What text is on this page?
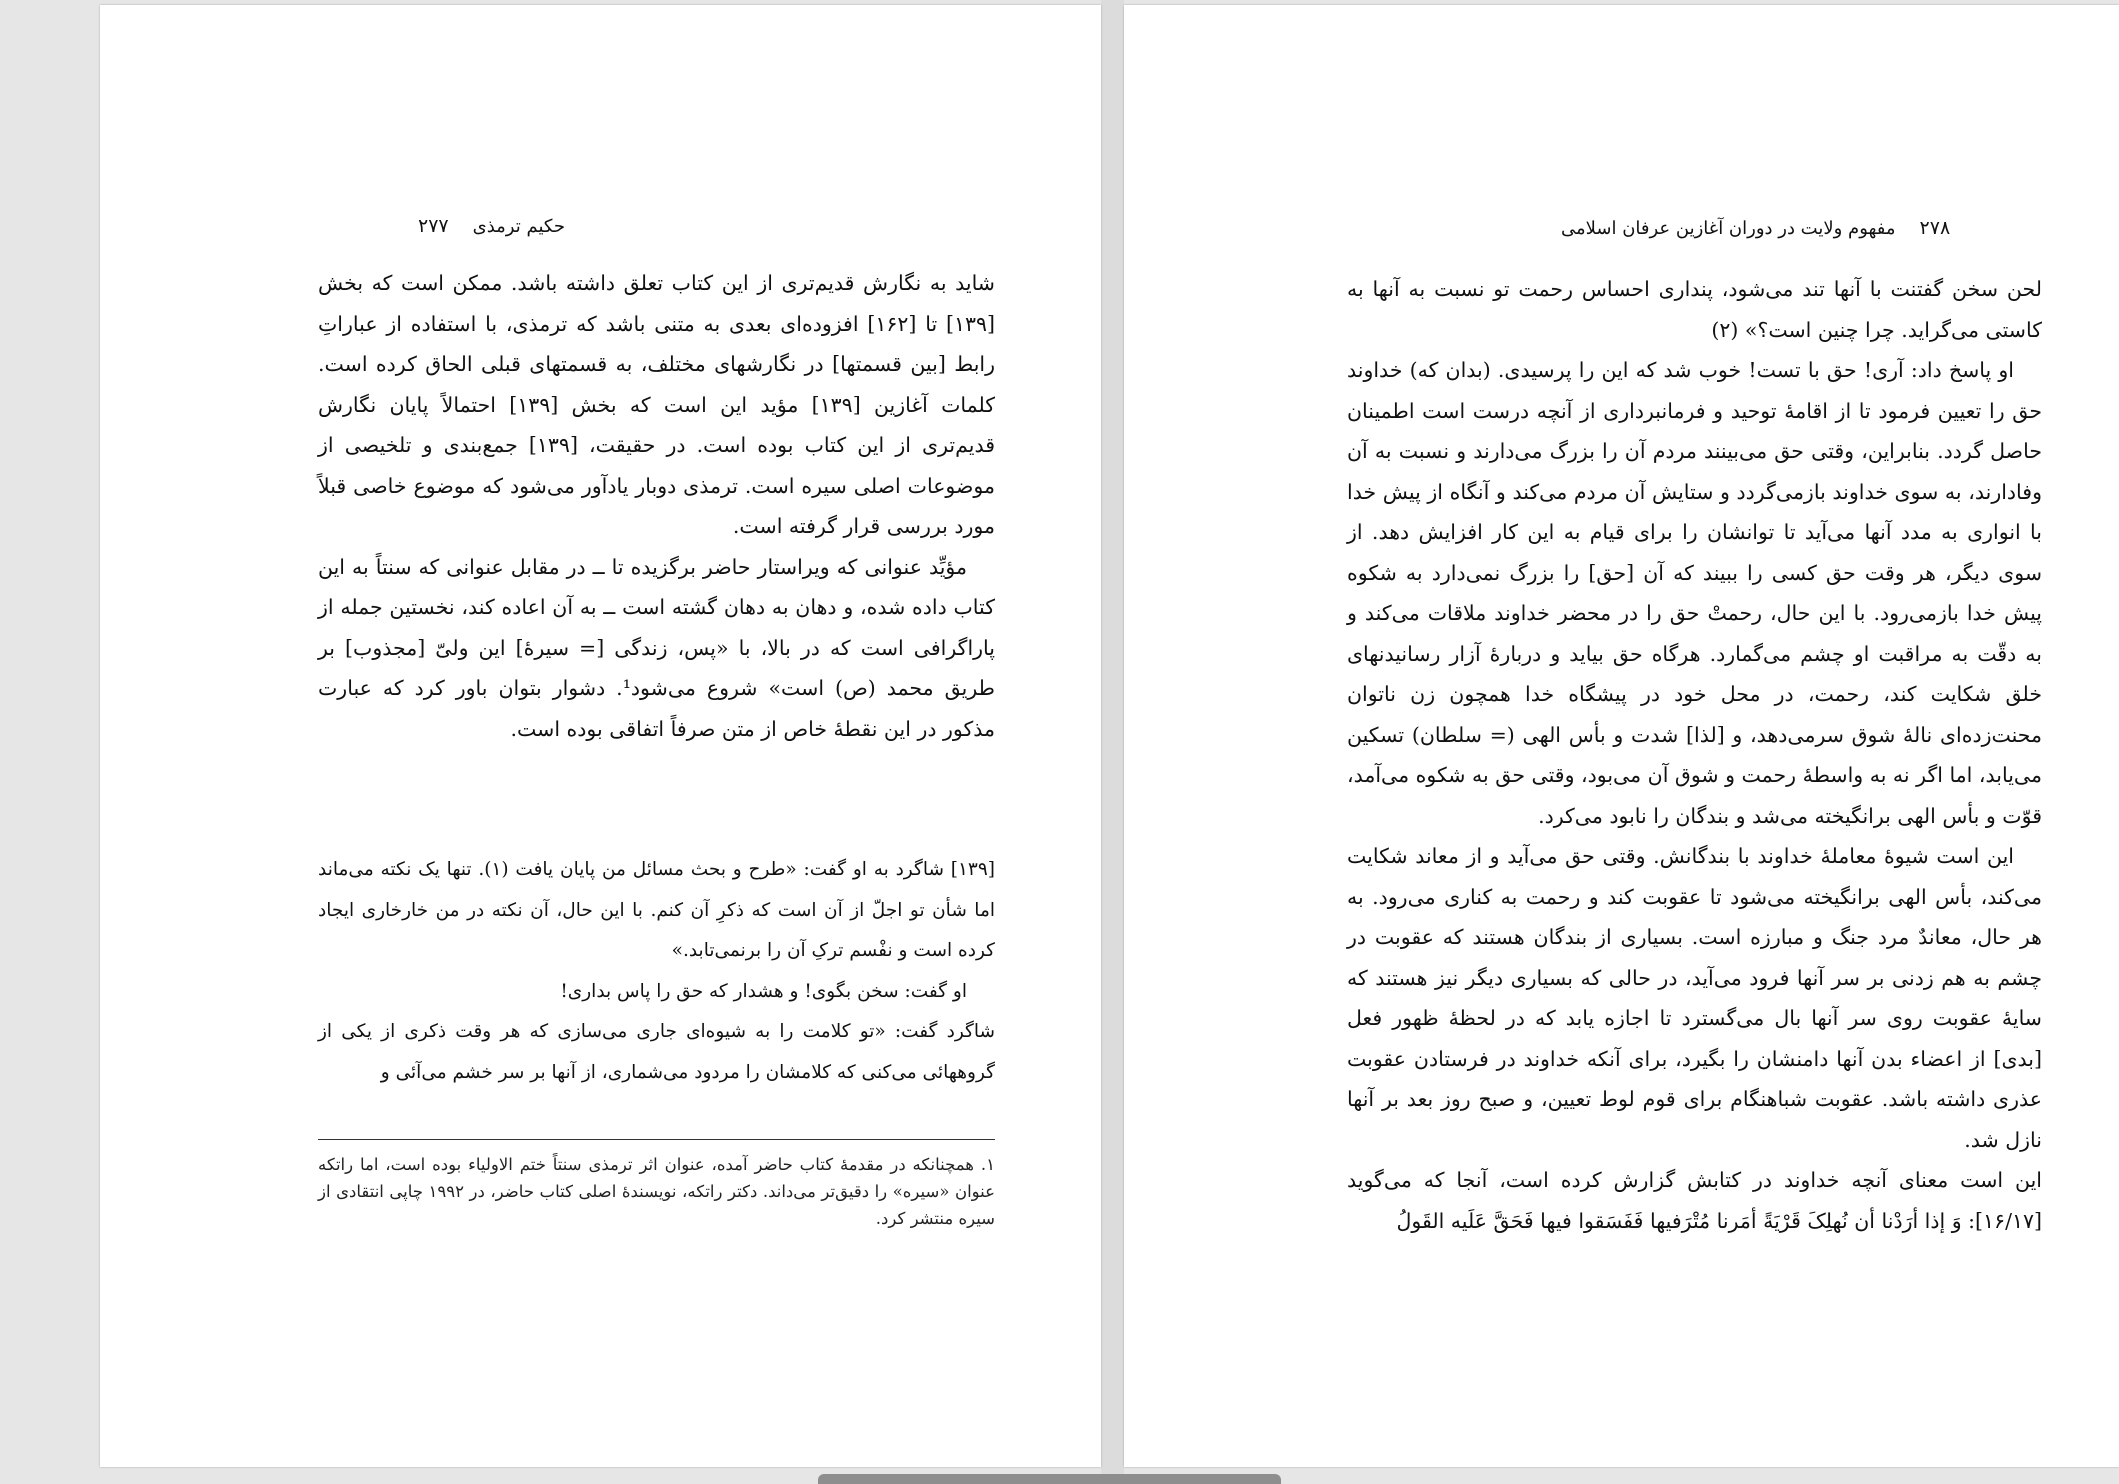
حکیم ترمذی
۲۷۷

شاید به نگارش قدیم‌تری از این کتاب تعلق داشته باشد. ممکن است که بخش [۱۳۹] تا [۱۶۲] افزوده‌ای بعدی به متنی باشد که ترمذی، با استفاده از عباراتِ رابط [بین قسمتها] در نگارشهای مختلف، به قسمتهای قبلی الحاق کرده است. کلمات آغازین [۱۳۹] مؤید این است که بخش [۱۳۹] احتمالاً پایان نگارش قدیم‌تری از این کتاب بوده است. در حقیقت، [۱۳۹] جمع‌بندی و تلخیصی از موضوعات اصلی سیره است. ترمذی دوبار یادآور می‌شود که موضوع خاصی قبلاً مورد بررسی قرار گرفته است.

مؤیِّد عنوانی که ویراستار حاضر برگزیده تا ــ در مقابل عنوانی که سنتاً به این کتاب داده شده، و دهان به دهان گشته است ــ به آن اعاده کند، نخستین جمله از پاراگرافی است که در بالا، با «پس، زندگی [= سیرهٔ] این ولیّ [مجذوب] بر طریق محمد (ص) است» شروع می‌شود¹. دشوار بتوان باور کرد که عبارت مذکور در این نقطهٔ خاص از متن صرفاً اتفاقی بوده است.

[۱۳۹] شاگرد به او گفت: «طرح و بحث مسائل من پایان یافت (۱). تنها یک نکته می‌ماند اما شأن تو اجلّ از آن است که ذکرِ آن کنم. با این حال، آن نکته در من خارخاری ایجاد کرده است و نفْسم ترکِ آن را برنمی‌تابد.»

او گفت: سخن بگوی! و هشدار که حق را پاس بداری!

شاگرد گفت: «تو کلامت را به شیوه‌ای جاری می‌سازی که هر وقت ذکری از یکی از گروههائی می‌کنی که کلامشان را مردود می‌شماری، از آنها بر سر خشم می‌آئی و

۱. همچنانکه در مقدمهٔ کتاب حاضر آمده، عنوان اثر ترمذی سنتاً ختم الاولیاء بوده است، اما راتکه عنوان «سیره» را دقیق‌تر می‌داند. دکتر راتکه، نویسندهٔ اصلی کتاب حاضر، در ۱۹۹۲ چاپی انتقادی از سیره منتشر کرد.
۲۷۸
مفهوم ولایت در دوران آغازین عرفان اسلامی

لحن سخن گفتنت با آنها تند می‌شود، پنداری احساس رحمت تو نسبت به آنها به کاستی می‌گراید. چرا چنین است؟» (۲)

او پاسخ داد: آری! حق با تست! خوب شد که این را پرسیدی. (بدان که) خداوند حق را تعیین فرمود تا از اقامهٔ توحید و فرمانبرداری از آنچه درست است اطمینان حاصل گردد. بنابراین، وقتی حق می‌بینند مردم آن را بزرگ می‌دارند و نسبت به آن وفادارند، به سوی خداوند بازمی‌گردد و ستایش آن مردم می‌کند و آنگاه از پیش خدا با انواری به مدد آنها می‌آید تا توانشان را برای قیام به این کار افزایش دهد. از سوی دیگر، هر وقت حق کسی را ببیند که آن [حق] را بزرگ نمی‌دارد به شکوه پیش خدا بازمی‌رود. با این حال، رحمتْ حق را در محضر خداوند ملاقات می‌کند و به دقّت به مراقبت او چشم می‌گمارد. هرگاه حق بیاید و دربارهٔ آزار رسانیدنهای خلق شکایت کند، رحمت، در محل خود در پیشگاه خدا همچون زن ناتوان محنت‌زده‌ای نالهٔ شوق سرمی‌دهد، و [لذا] شدت و بأس الهی (= سلطان) تسکین می‌یابد، اما اگر نه به واسطهٔ رحمت و شوق آن می‌بود، وقتی حق به شکوه می‌آمد، قوّت و بأس الهی برانگیخته می‌شد و بندگان را نابود می‌کرد.

این است شیوهٔ معاملهٔ خداوند با بندگانش. وقتی حق می‌آید و از معاند شکایت می‌کند، بأس الهی برانگیخته می‌شود تا عقوبت کند و رحمت به کناری می‌رود. به هر حال، معاندٌ مرد جنگ و مبارزه است. بسیاری از بندگان هستند که عقوبت در چشم به هم زدنی بر سر آنها فرود می‌آید، در حالی که بسیاری دیگر نیز هستند که سایهٔ عقوبت روی سر آنها بال می‌گسترد تا اجازه یابد که در لحظهٔ ظهور فعل [بدی] از اعضاء بدن آنها دامنشان را بگیرد، برای آنکه خداوند در فرستادن عقوبت عذری داشته باشد. عقوبت شباهنگام برای قوم لوط تعیین، و صبح روز بعد بر آنها نازل شد.

این است معنای آنچه خداوند در کتابش گزارش کرده است، آنجا که می‌گوید [۱۶/۱۷]: وَ إذا أرَدْنا أن نُهلِکَ قَرْیَةً أمَرنا مُتْرَفیها فَفَسَقوا فیها فَحَقَّ عَلَیه القَولُ
